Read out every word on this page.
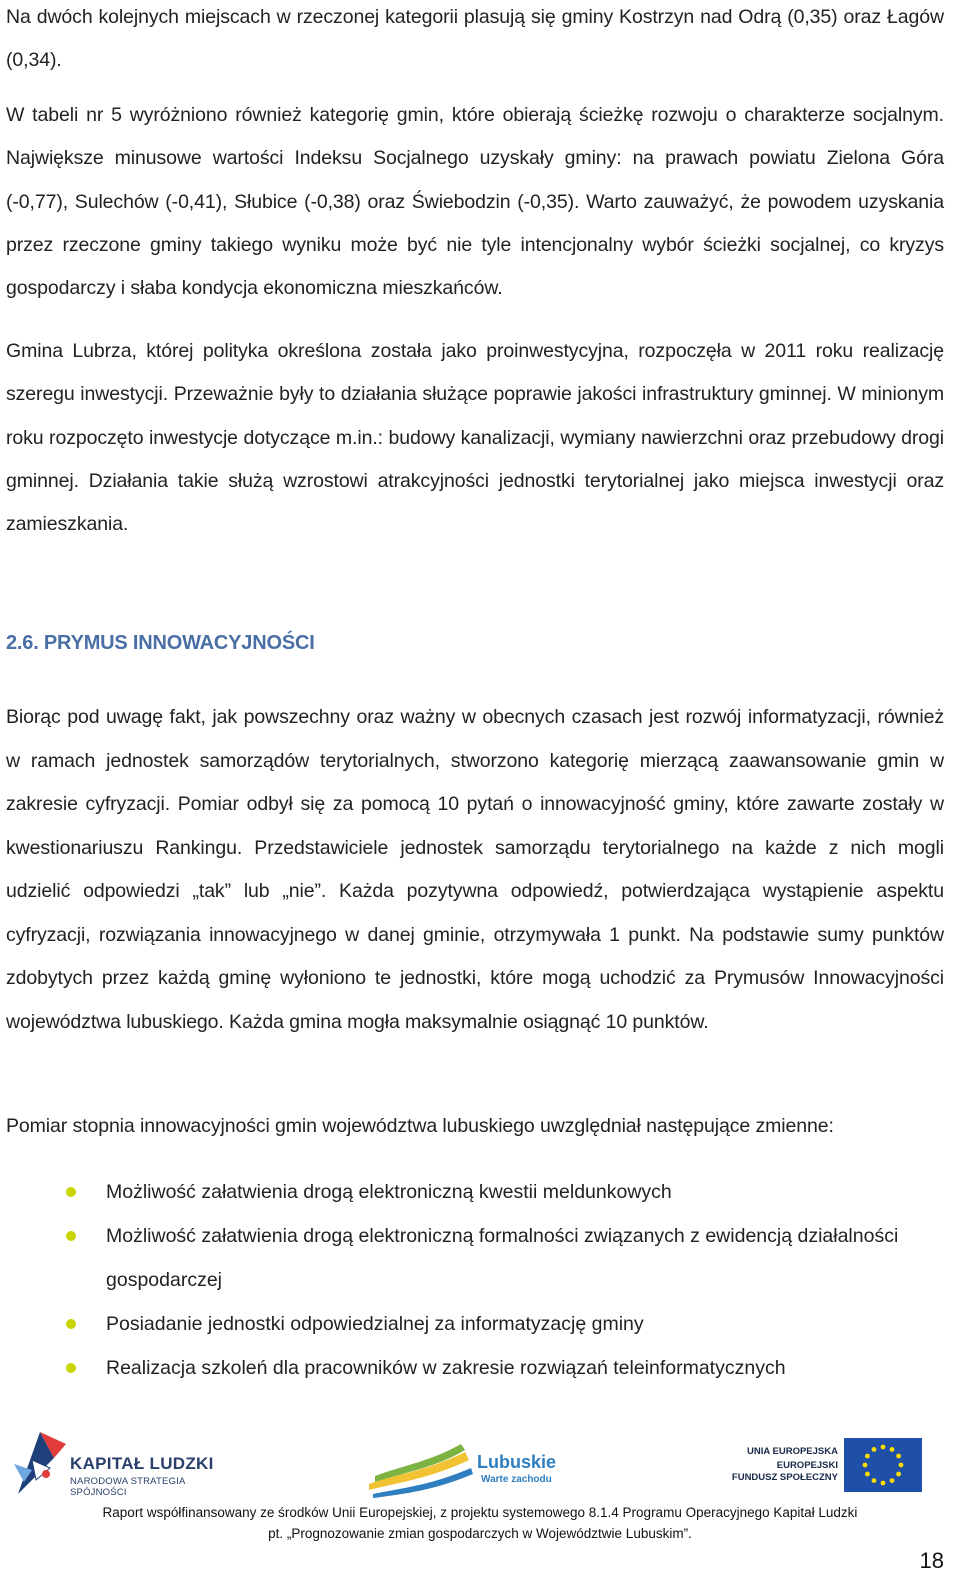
Na dwóch kolejnych miejscach w rzeczonej kategorii plasują się gminy Kostrzyn nad Odrą (0,35) oraz Łagów (0,34).

W tabeli nr 5 wyróżniono również kategorię gmin, które obierają ścieżkę rozwoju o charakterze socjalnym. Największe minusowe wartości Indeksu Socjalnego uzyskały gminy: na prawach powiatu Zielona Góra (-0,77), Sulechów (-0,41), Słubice (-0,38) oraz Świebodzin (-0,35). Warto zauważyć, że powodem uzyskania przez rzeczone gminy takiego wyniku może być nie tyle intencjonalny wybór ścieżki socjalnej, co kryzys gospodarczy i słaba kondycja ekonomiczna mieszkańców.

Gmina Lubrza, której polityka określona została jako proinwestycyjna, rozpoczęła w 2011 roku realizację szeregu inwestycji. Przeważnie były to działania służące poprawie jakości infrastruktury gminnej. W minionym roku rozpoczęto inwestycje dotyczące m.in.: budowy kanalizacji, wymiany nawierzchni oraz przebudowy drogi gminnej. Działania takie służą wzrostowi atrakcyjności jednostki terytorialnej jako miejsca inwestycji oraz zamieszkania.

2.6. PRYMUS INNOWACYJNOŚCI

Biorąc pod uwagę fakt, jak powszechny oraz ważny w obecnych czasach jest rozwój informatyzacji, również w ramach jednostek samorządów terytorialnych, stworzono kategorię mierzącą zaawansowanie gmin w zakresie cyfryzacji. Pomiar odbył się za pomocą 10 pytań o innowacyjność gminy, które zawarte zostały w kwestionariuszu Rankingu. Przedstawiciele jednostek samorządu terytorialnego na każde z nich mogli udzielić odpowiedzi „tak” lub „nie”. Każda pozytywna odpowiedź, potwierdzająca wystąpienie aspektu cyfryzacji, rozwiązania innowacyjnego w danej gminie, otrzymywała 1 punkt. Na podstawie sumy punktów zdobytych przez każdą gminę wyłoniono te jednostki, które mogą uchodzić za Prymusów Innowacyjności województwa lubuskiego. Każda gmina mogła maksymalnie osiągnąć 10 punktów.

Pomiar stopnia innowacyjności gmin województwa lubuskiego uwzględniał następujące zmienne:

Możliwość załatwienia drogą elektroniczną kwestii meldunkowych
Możliwość załatwienia drogą elektroniczną formalności związanych z ewidencją działalności gospodarczej
Posiadanie jednostki odpowiedzialnej za informatyzację gminy
Realizacja szkoleń dla pracowników w zakresie rozwiązań teleinformatycznych
KAPITAŁ LUDZKI
NARODOWA STRATEGIA SPÓJNOŚCI
Lubuskie
Warte zachodu
UNIA EUROPEJSKA
EUROPEJSKI
FUNDUSZ SPOŁECZNY
Raport współfinansowany ze środków Unii Europejskiej, z projektu systemowego 8.1.4 Programu Operacyjnego Kapitał Ludzki
pt. „Prognozowanie zmian gospodarczych w Województwie Lubuskim”.
18
